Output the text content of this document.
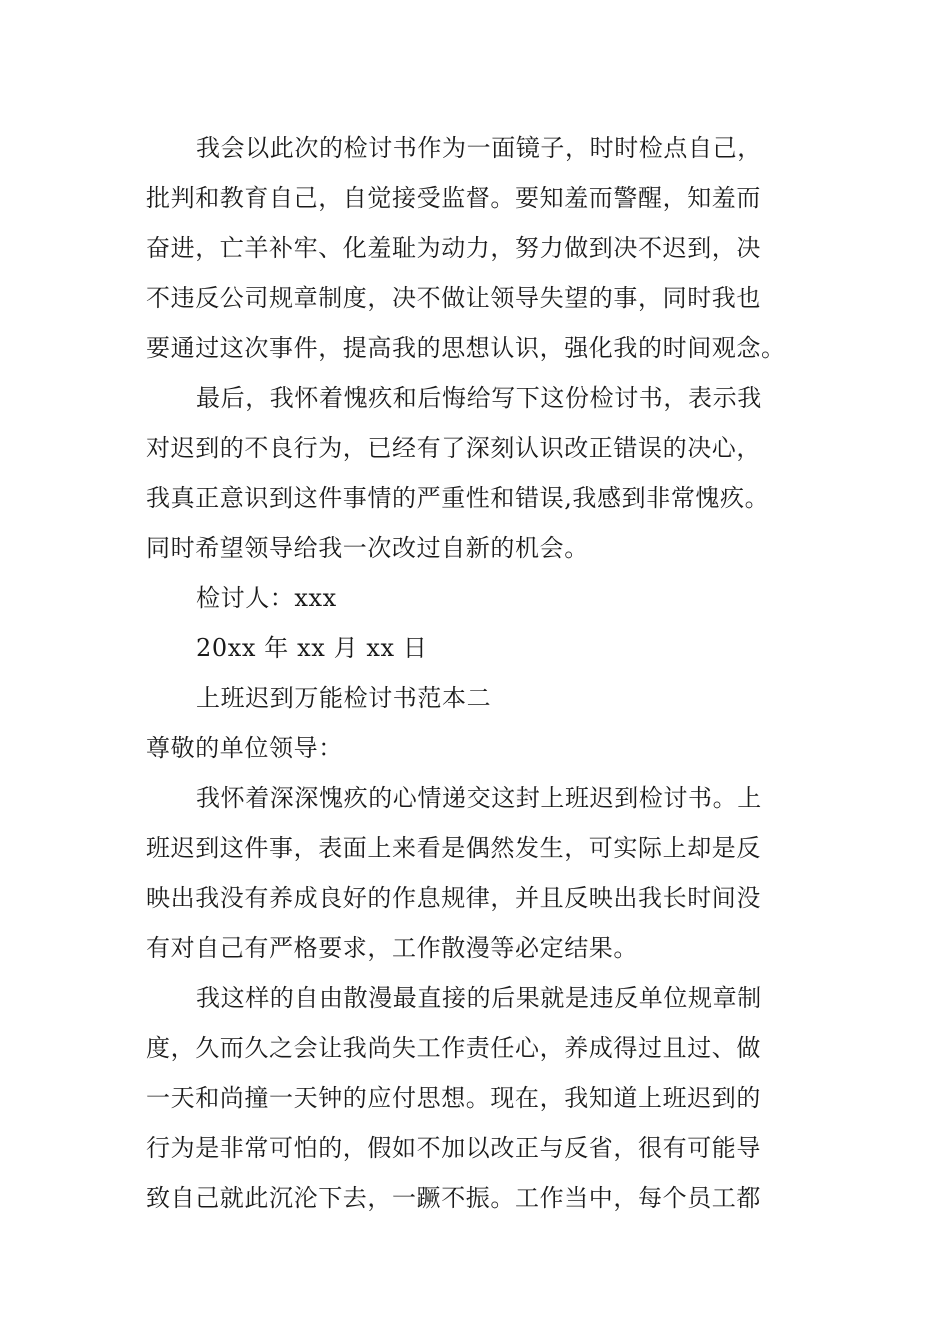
我会以此次的检讨书作为一面镜子，时时检点自己，
批判和教育自己，自觉接受监督。要知羞而警醒，知羞而
奋进，亡羊补牢、化羞耻为动力，努力做到决不迟到，决
不违反公司规章制度，决不做让领导失望的事，同时我也
要通过这次事件，提高我的思想认识，强化我的时间观念。
最后，我怀着愧疚和后悔给写下这份检讨书，表示我
对迟到的不良行为，已经有了深刻认识改正错误的决心，
我真正意识到这件事情的严重性和错误,我感到非常愧疚。
同时希望领导给我一次改过自新的机会。
检讨人：xxx
20xx 年 xx 月 xx 日
上班迟到万能检讨书范本二
尊敬的单位领导：
我怀着深深愧疚的心情递交这封上班迟到检讨书。上
班迟到这件事，表面上来看是偶然发生，可实际上却是反
映出我没有养成良好的作息规律，并且反映出我长时间没
有对自己有严格要求，工作散漫等必定结果。
我这样的自由散漫最直接的后果就是违反单位规章制
度，久而久之会让我尚失工作责任心，养成得过且过、做
一天和尚撞一天钟的应付思想。现在，我知道上班迟到的
行为是非常可怕的，假如不加以改正与反省，很有可能导
致自己就此沉沦下去，一蹶不振。工作当中，每个员工都
